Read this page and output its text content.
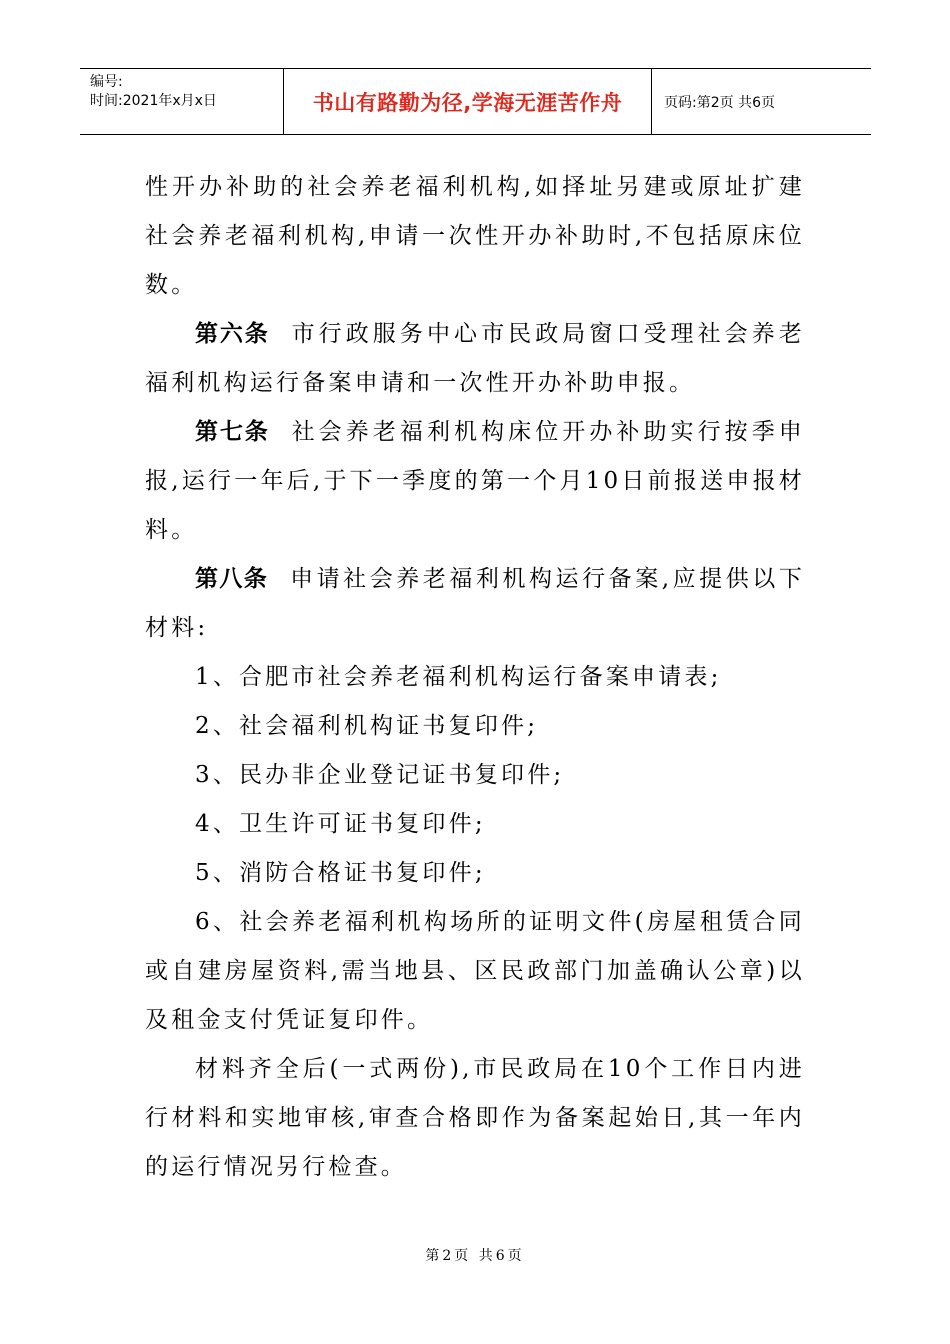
编号:
时间:2021年x月x日	书山有路勤为径,学海无涯苦作舟	页码:第2页 共6页

性开办补助的社会养老福利机构,如择址另建或原址扩建社会养老福利机构,申请一次性开办补助时,不包括原床位数。

第六条 市行政服务中心市民政局窗口受理社会养老福利机构运行备案申请和一次性开办补助申报。

第七条 社会养老福利机构床位开办补助实行按季申报,运行一年后,于下一季度的第一个月10日前报送申报材料。

第八条 申请社会养老福利机构运行备案,应提供以下材料:

1、合肥市社会养老福利机构运行备案申请表;

2、社会福利机构证书复印件;

3、民办非企业登记证书复印件;

4、卫生许可证书复印件;

5、消防合格证书复印件;

6、社会养老福利机构场所的证明文件(房屋租赁合同或自建房屋资料,需当地县、区民政部门加盖确认公章)以及租金支付凭证复印件。

材料齐全后(一式两份),市民政局在10个工作日内进行材料和实地审核,审查合格即作为备案起始日,其一年内的运行情况另行检查。

第2页 共6页
